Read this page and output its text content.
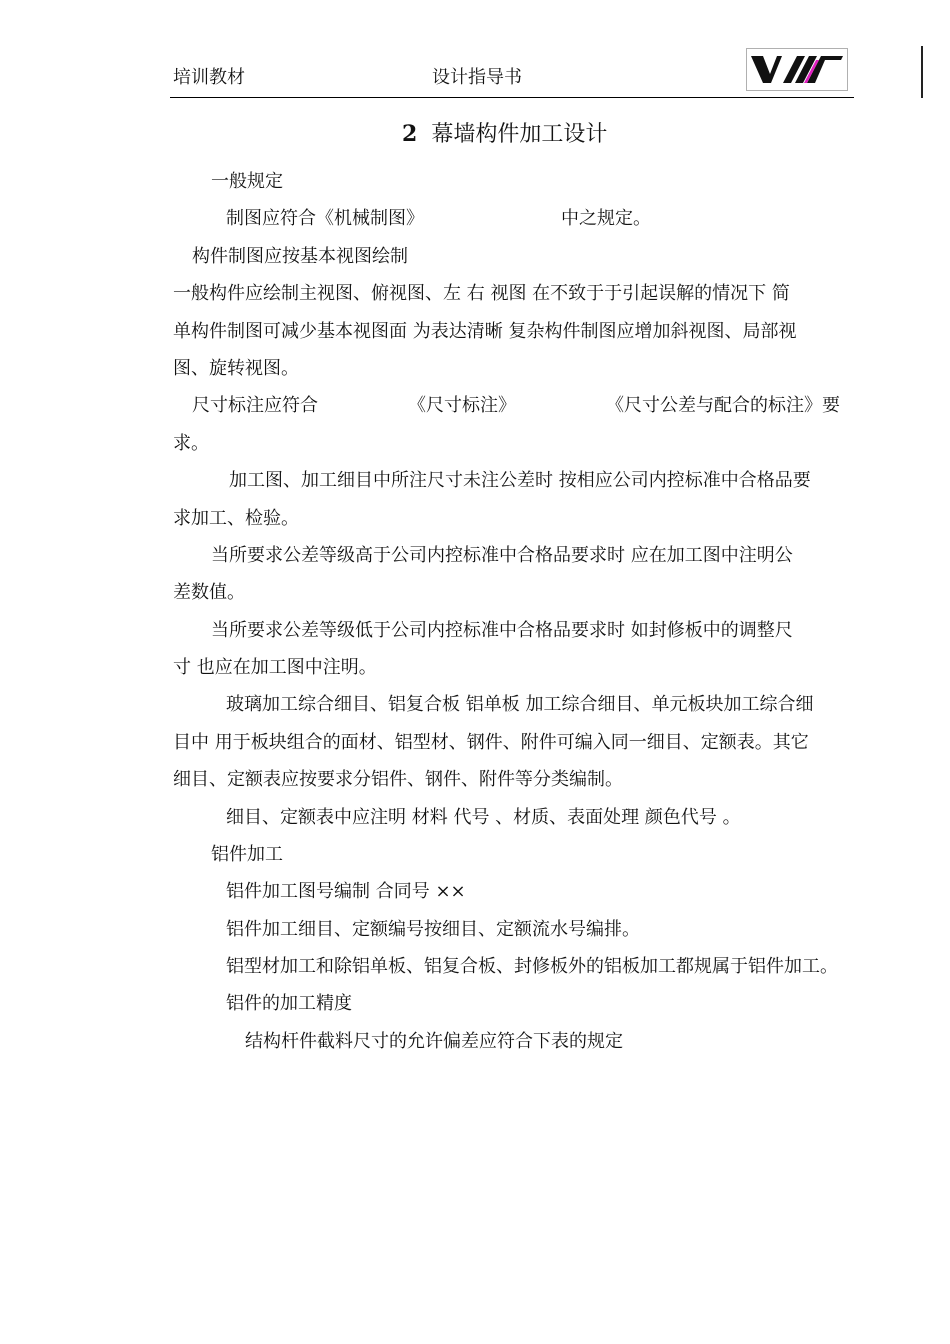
培训教材	设计指导书
2 幕墙构件加工设计
一般规定
制图应符合《机械制图》	中之规定。
构件制图应按基本视图绘制
一般构件应绘制主视图、俯视图、左 右 视图 在不致于于引起误解的情况下 简
单构件制图可减少基本视图面 为表达清晰 复杂构件制图应增加斜视图、局部视
图、旋转视图。
尺寸标注应符合	《尺寸标注》	《尺寸公差与配合的标注》要
求。
加工图、加工细目中所注尺寸未注公差时 按相应公司内控标准中合格品要
求加工、检验。
当所要求公差等级高于公司内控标准中合格品要求时 应在加工图中注明公
差数值。
当所要求公差等级低于公司内控标准中合格品要求时 如封修板中的调整尺
寸 也应在加工图中注明。
玻璃加工综合细目、铝复合板 铝单板 加工综合细目、单元板块加工综合细
目中 用于板块组合的面材、铝型材、钢件、附件可编入同一细目、定额表。其它
细目、定额表应按要求分铝件、钢件、附件等分类编制。
细目、定额表中应注明 材料 代号 、材质、表面处理 颜色代号 。
铝件加工
铝件加工图号编制 合同号 ××
铝件加工细目、定额编号按细目、定额流水号编排。
铝型材加工和除铝单板、铝复合板、封修板外的铝板加工都规属于铝件加工。
铝件的加工精度
结构杆件截料尺寸的允许偏差应符合下表的规定
